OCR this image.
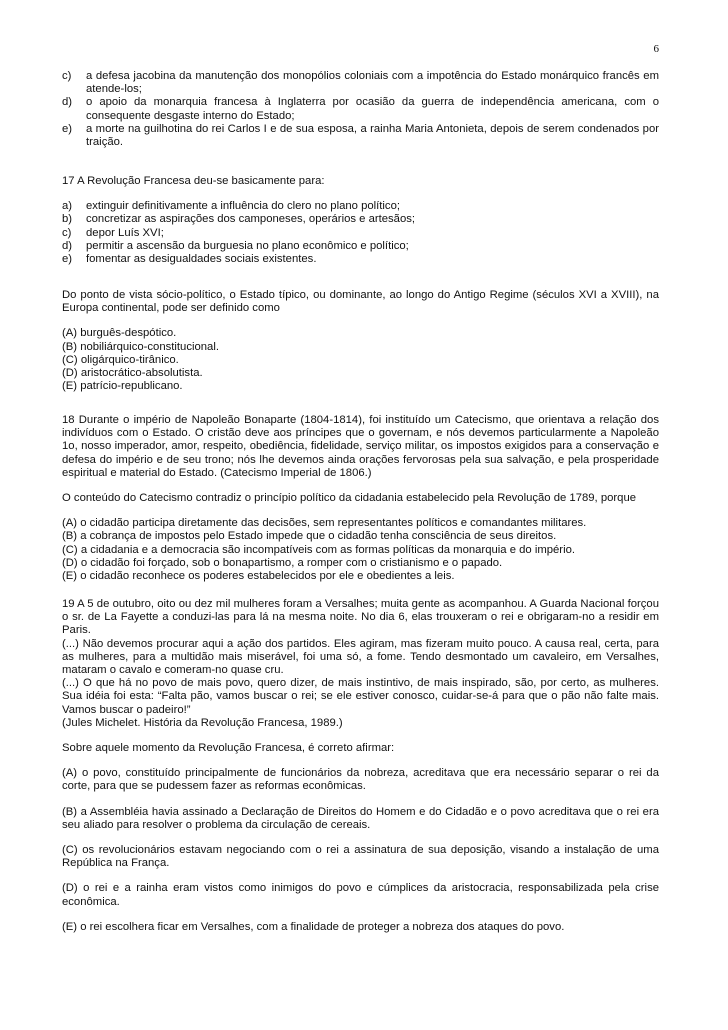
6
c)	a defesa jacobina da manutenção dos monopólios coloniais com a impotência do Estado monárquico francês em atende-los;
d)	o apoio da monarquia francesa à Inglaterra por ocasião da guerra de independência americana, com o consequente desgaste interno do Estado;
e)	a morte na guilhotina do rei Carlos I e de sua esposa, a rainha Maria Antonieta, depois de serem condenados por traição.

17 A Revolução Francesa deu-se basicamente para:

a)	extinguir definitivamente a influência do clero no plano político;
b)	concretizar as aspirações dos camponeses, operários e artesãos;
c)	depor Luís XVI;
d)	permitir a ascensão da burguesia no plano econômico e político;
e)	fomentar as desigualdades sociais existentes.

Do ponto de vista sócio-político, o Estado típico, ou dominante, ao longo do Antigo Regime (séculos XVI a XVIII), na Europa continental, pode ser definido como

(A) burguês-despótico.

(B) nobiliárquico-constitucional.

(C) oligárquico-tirânico.

(D) aristocrático-absolutista.

(E) patrício-republicano.

18 Durante o império de Napoleão Bonaparte (1804-1814), foi instituído um Catecismo, que orientava a relação dos indivíduos com o Estado. O cristão deve aos príncipes que o governam, e nós devemos particularmente a Napoleão 1o, nosso imperador, amor, respeito, obediência, fidelidade, serviço militar, os impostos exigidos para a conservação e defesa do império e de seu trono; nós lhe devemos ainda orações fervorosas pela sua salvação, e pela prosperidade espiritual e material do Estado. (Catecismo Imperial de 1806.)

O conteúdo do Catecismo contradiz o princípio político da cidadania estabelecido pela Revolução de 1789, porque

(A) o cidadão participa diretamente das decisões, sem representantes políticos e comandantes militares.

(B) a cobrança de impostos pelo Estado impede que o cidadão tenha consciência de seus direitos.

(C) a cidadania e a democracia são incompatíveis com as formas políticas da monarquia e do império.

(D) o cidadão foi forçado, sob o bonapartismo, a romper com o cristianismo e o papado.

(E) o cidadão reconhece os poderes estabelecidos por ele e obedientes a leis.

19 A 5 de outubro, oito ou dez mil mulheres foram a Versalhes; muita gente as acompanhou. A Guarda Nacional forçou o sr. de La Fayette a conduzi-las para lá na mesma noite. No dia 6, elas trouxeram o rei e obrigaram-no a residir em Paris.

(...) Não devemos procurar aqui a ação dos partidos. Eles agiram, mas fizeram muito pouco. A causa real, certa, para as mulheres, para a multidão mais miserável, foi uma só, a fome. Tendo desmontado um cavaleiro, em Versalhes, mataram o cavalo e comeram-no quase cru.

(...) O que há no povo de mais povo, quero dizer, de mais instintivo, de mais inspirado, são, por certo, as mulheres. Sua idéia foi esta: “Falta pão, vamos buscar o rei; se ele estiver conosco, cuidar-se-á para que o pão não falte mais. Vamos buscar o padeiro!”

(Jules Michelet. História da Revolução Francesa, 1989.)

Sobre aquele momento da Revolução Francesa, é correto afirmar:

(A) o povo, constituído principalmente de funcionários da nobreza, acreditava que era necessário separar o rei da corte, para que se pudessem fazer as reformas econômicas.

(B) a Assembléia havia assinado a Declaração de Direitos do Homem e do Cidadão e o povo acreditava que o rei era seu aliado para resolver o problema da circulação de cereais.

(C) os revolucionários estavam negociando com o rei a assinatura de sua deposição, visando a instalação de uma República na França.

(D) o rei e a rainha eram vistos como inimigos do povo e cúmplices da aristocracia, responsabilizada pela crise econômica.

(E) o rei escolhera ficar em Versalhes, com a finalidade de proteger a nobreza dos ataques do povo.
